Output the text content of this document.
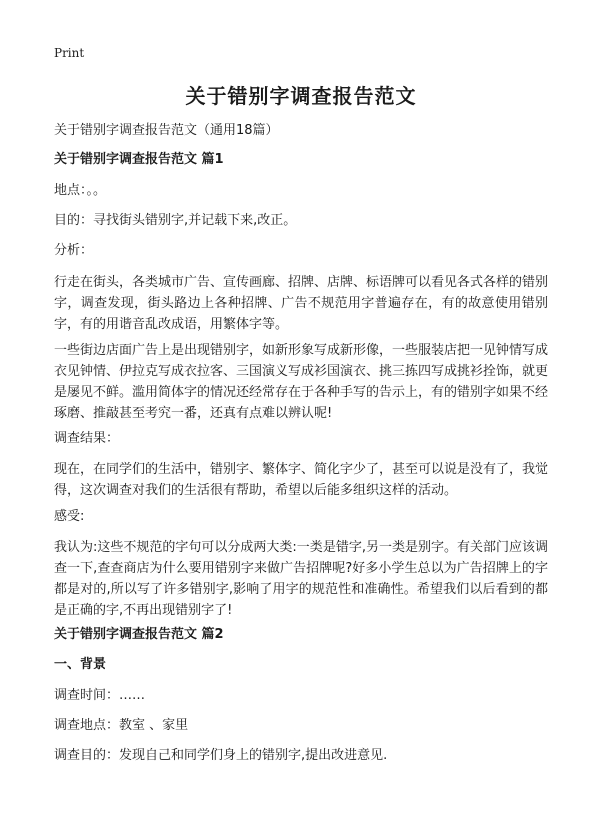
Print
关于错别字调查报告范文

关于错别字调查报告范文（通用18篇）

关于错别字调查报告范文 篇1

地点：。。

目的：寻找街头错别字,并记载下来,改正。

分析：

行走在街头，各类城市广告、宣传画廊、招牌、店牌、标语牌可以看见各式各样的错别字，调查发现，街头路边上各种招牌、广告不规范用字普遍存在，有的故意使用错别字，有的用谐音乱改成语，用繁体字等。

一些街边店面广告上是出现错别字，如新形象写成新形像，一些服装店把一见钟情写成衣见钟情、伊拉克写成衣拉客、三国演义写成衫国演衣、挑三拣四写成挑衫拴饰，就更是屡见不鲜。滥用简体字的情况还经常存在于各种手写的告示上，有的错别字如果不经琢磨、推敲甚至考究一番，还真有点难以辨认呢!

调查结果：

现在，在同学们的生活中，错别字、繁体字、简化字少了，甚至可以说是没有了，我觉得，这次调查对我们的生活很有帮助，希望以后能多组织这样的活动。

感受:

我认为:这些不规范的字句可以分成两大类:一类是错字,另一类是别字。有关部门应该调查一下,查查商店为什么要用错别字来做广告招牌呢?好多小学生总以为广告招牌上的字都是对的,所以写了许多错别字,影响了用字的规范性和准确性。希望我们以后看到的都是正确的字,不再出现错别字了!

关于错别字调查报告范文 篇2

一、背景

调查时间：……

调查地点：教室 、家里

调查目的：发现自己和同学们身上的错别字,提出改进意见.
